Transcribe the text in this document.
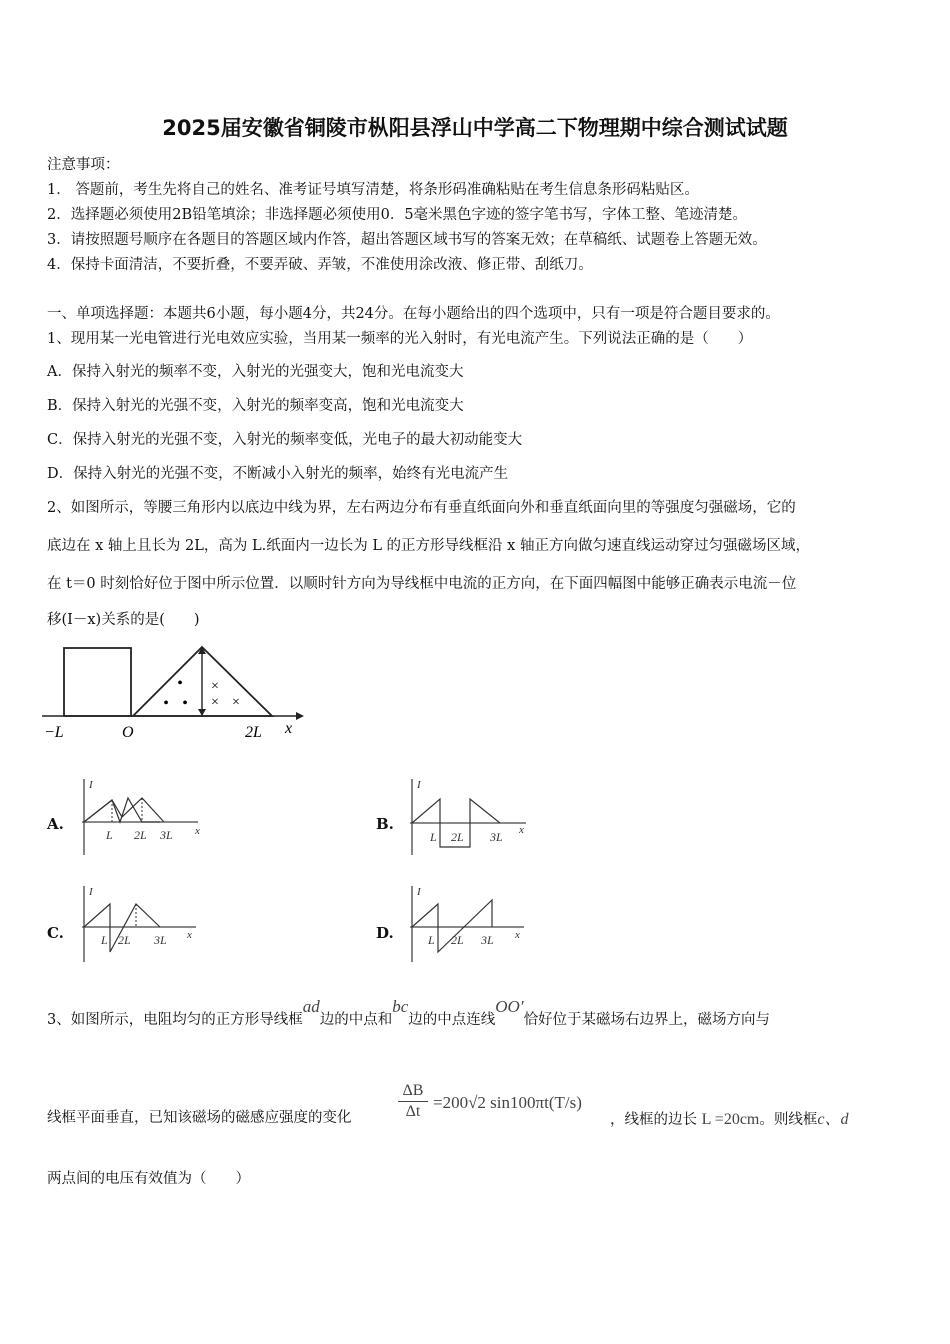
2025届安徽省铜陵市枞阳县浮山中学高二下物理期中综合测试试题
注意事项：
1． 答题前，考生先将自己的姓名、准考证号填写清楚，将条形码准确粘贴在考生信息条形码粘贴区。
2．选择题必须使用2B铅笔填涂；非选择题必须使用0．5毫米黑色字迹的签字笔书写，字体工整、笔迹清楚。
3．请按照题号顺序在各题目的答题区域内作答，超出答题区域书写的答案无效；在草稿纸、试题卷上答题无效。
4．保持卡面清洁，不要折叠，不要弄破、弄皱，不准使用涂改液、修正带、刮纸刀。
一、单项选择题：本题共6小题，每小题4分，共24分。在每小题给出的四个选项中，只有一项是符合题目要求的。
1、现用某一光电管进行光电效应实验，当用某一频率的光入射时，有光电流产生。下列说法正确的是（　　）
A．保持入射光的频率不变，入射光的光强变大，饱和光电流变大
B．保持入射光的光强不变，入射光的频率变高，饱和光电流变大
C．保持入射光的光强不变，入射光的频率变低，光电子的最大初动能变大
D．保持入射光的光强不变，不断减小入射光的频率，始终有光电流产生
2、如图所示，等腰三角形内以底边中线为界，左右两边分布有垂直纸面向外和垂直纸面向里的等强度匀强磁场，它的
底边在 x 轴上且长为 2L，高为 L.纸面内一边长为 L 的正方形导线框沿 x 轴正方向做匀速直线运动穿过匀强磁场区域，
在 t＝0 时刻恰好位于图中所示位置．以顺时针方向为导线框中电流的正方向，在下面四幅图中能够正确表示电流－位
移(I－x)关系的是(　　)
•
• •
×
× ×
−L	O	2L x
A.
I
x
L 2L 3L
B.
I
x
L 2L 3L
C.
I
x
L 2L 3L	D.
I
x
L 2L 3L
3、如图所示，电阻均匀的正方形导线框ad边的中点和bc边的中点连线OO′恰好位于某磁场右边界上，磁场方向与
线框平面垂直，已知该磁场的磁感应强度的变化
ΔB
Δt =200√2 sin100πt(T/s)
，线框的边长 L =20cm。则线框c、d
两点间的电压有效值为（　　）
